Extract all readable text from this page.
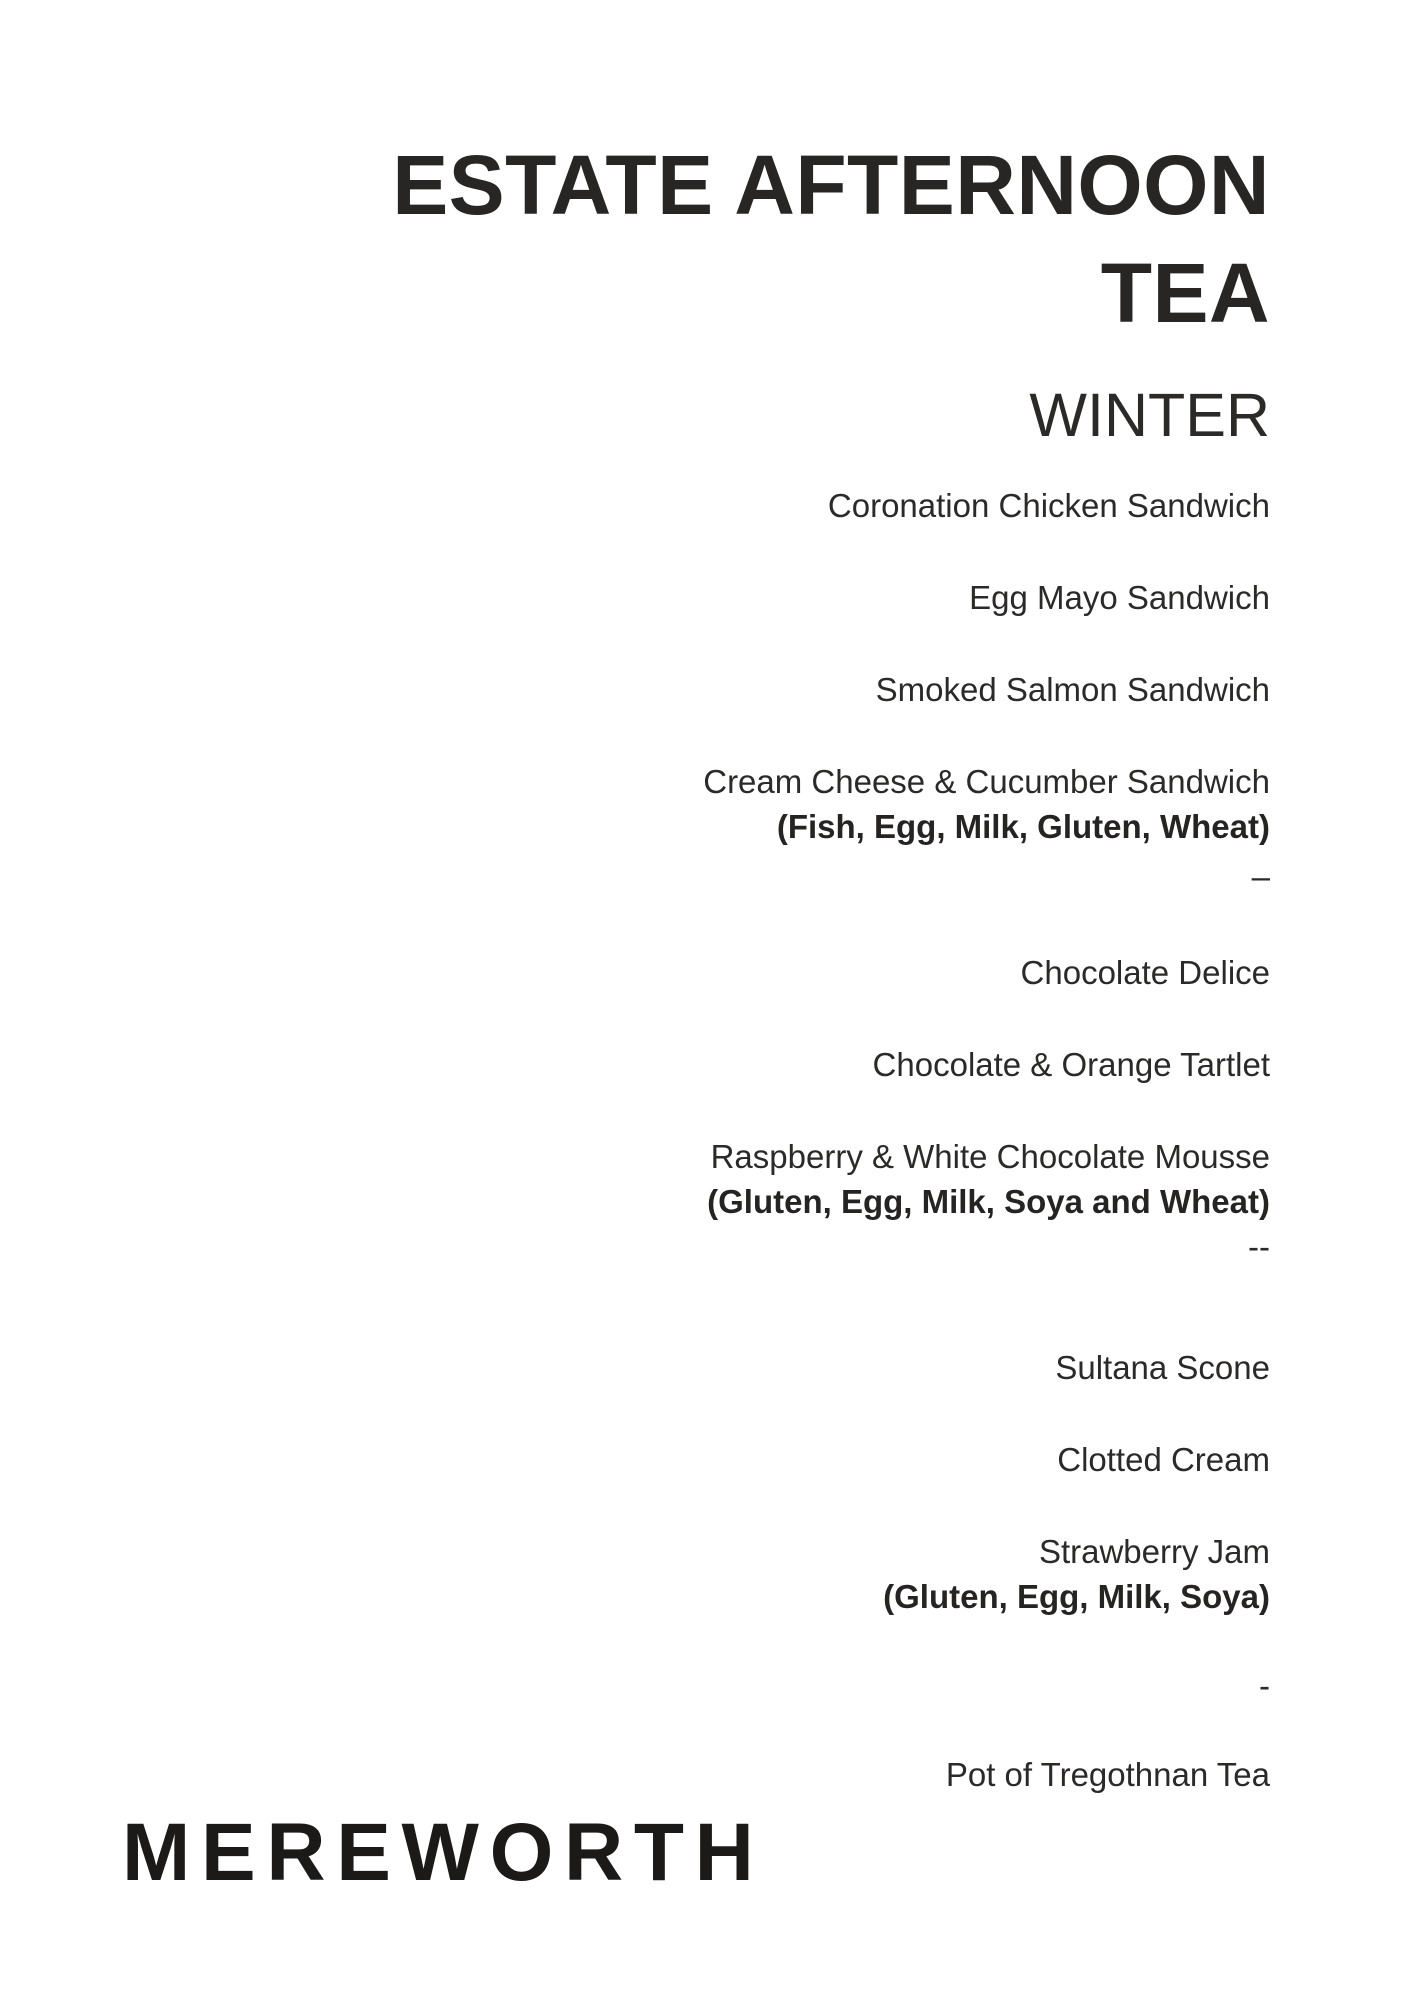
ESTATE AFTERNOON
TEA
WINTER

Coronation Chicken Sandwich

Egg Mayo Sandwich

Smoked Salmon Sandwich

Cream Cheese & Cucumber Sandwich

(Fish, Egg, Milk, Gluten, Wheat)

–

Chocolate Delice

Chocolate & Orange Tartlet

Raspberry & White Chocolate Mousse

(Gluten, Egg, Milk, Soya and Wheat)

--

Sultana Scone

Clotted Cream

Strawberry Jam

(Gluten, Egg, Milk, Soya)

-

Pot of Tregothnan Tea

MEREWORTH
